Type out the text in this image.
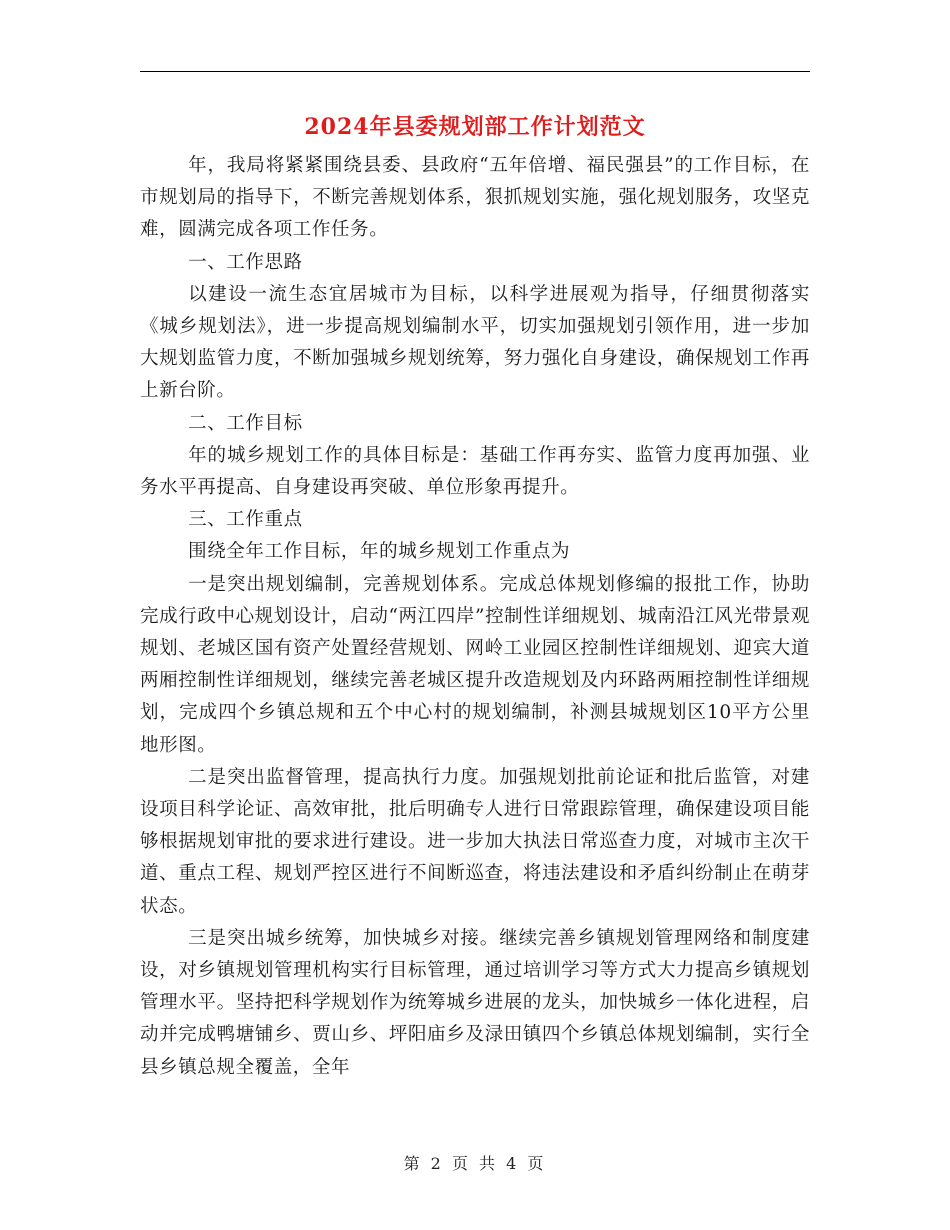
2024年县委规划部工作计划范文

年，我局将紧紧围绕县委、县政府“五年倍增、福民强县”的工作目标，在市规划局的指导下，不断完善规划体系，狠抓规划实施，强化规划服务，攻坚克难，圆满完成各项工作任务。

一、工作思路

以建设一流生态宜居城市为目标，以科学进展观为指导，仔细贯彻落实《城乡规划法》，进一步提高规划编制水平，切实加强规划引领作用，进一步加大规划监管力度，不断加强城乡规划统筹，努力强化自身建设，确保规划工作再上新台阶。

二、工作目标

年的城乡规划工作的具体目标是：基础工作再夯实、监管力度再加强、业务水平再提高、自身建设再突破、单位形象再提升。

三、工作重点

围绕全年工作目标，年的城乡规划工作重点为

一是突出规划编制，完善规划体系。完成总体规划修编的报批工作，协助完成行政中心规划设计，启动“两江四岸”控制性详细规划、城南沿江风光带景观规划、老城区国有资产处置经营规划、网岭工业园区控制性详细规划、迎宾大道两厢控制性详细规划，继续完善老城区提升改造规划及内环路两厢控制性详细规划，完成四个乡镇总规和五个中心村的规划编制，补测县城规划区10平方公里地形图。

二是突出监督管理，提高执行力度。加强规划批前论证和批后监管，对建设项目科学论证、高效审批，批后明确专人进行日常跟踪管理，确保建设项目能够根据规划审批的要求进行建设。进一步加大执法日常巡查力度，对城市主次干道、重点工程、规划严控区进行不间断巡查，将违法建设和矛盾纠纷制止在萌芽状态。

三是突出城乡统筹，加快城乡对接。继续完善乡镇规划管理网络和制度建设，对乡镇规划管理机构实行目标管理，通过培训学习等方式大力提高乡镇规划管理水平。坚持把科学规划作为统筹城乡进展的龙头，加快城乡一体化进程，启动并完成鸭塘铺乡、贾山乡、坪阳庙乡及渌田镇四个乡镇总体规划编制，实行全县乡镇总规全覆盖，全年

第 2 页 共 4 页
